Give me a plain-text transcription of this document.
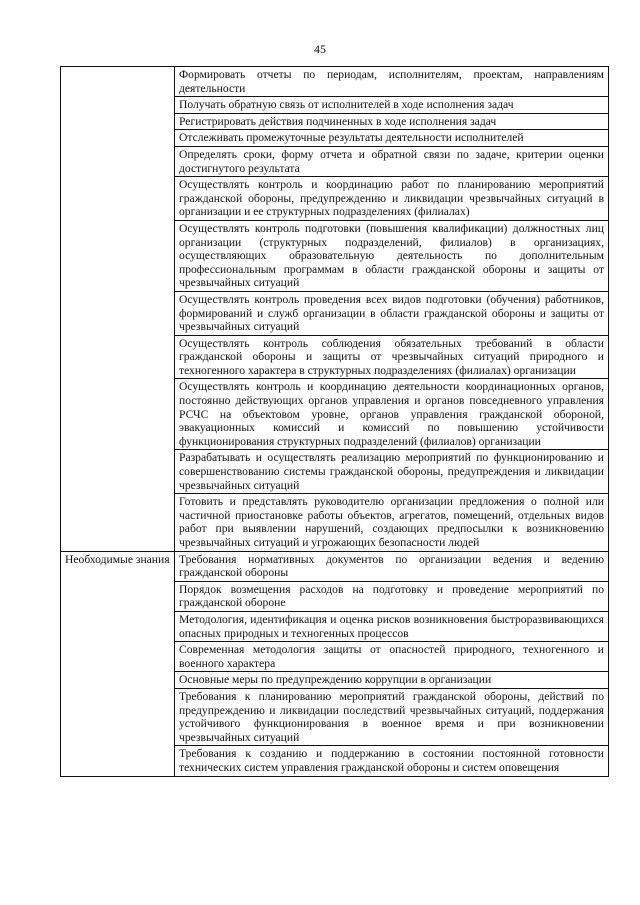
45
	Формировать отчеты по периодам, исполнителям, проектам, направлениям деятельности
	Получать обратную связь от исполнителей в ходе исполнения задач
	Регистрировать действия подчиненных в ходе исполнения задач
	Отслеживать промежуточные результаты деятельности исполнителей
	Определять сроки, форму отчета и обратной связи по задаче, критерии оценки достигнутого результата
	Осуществлять контроль и координацию работ по планированию мероприятий гражданской обороны, предупреждению и ликвидации чрезвычайных ситуаций в организации и ее структурных подразделениях (филиалах)
	Осуществлять контроль подготовки (повышения квалификации) должностных лиц организации (структурных подразделений, филиалов) в организациях, осуществляющих образовательную деятельность по дополнительным профессиональным программам в области гражданской обороны и защиты от чрезвычайных ситуаций
	Осуществлять контроль проведения всех видов подготовки (обучения) работников, формирований и служб организации в области гражданской обороны и защиты от чрезвычайных ситуаций
	Осуществлять контроль соблюдения обязательных требований в области гражданской обороны и защиты от чрезвычайных ситуаций природного и техногенного характера в структурных подразделениях (филиалах) организации
	Осуществлять контроль и координацию деятельности координационных органов, постоянно действующих органов управления и органов повседневного управления РСЧС на объектовом уровне, органов управления гражданской обороной, эвакуационных комиссий и комиссий по повышению устойчивости функционирования структурных подразделений (филиалов) организации
	Разрабатывать и осуществлять реализацию мероприятий по функционированию и совершенствованию системы гражданской обороны, предупреждения и ликвидации чрезвычайных ситуаций
	Готовить и представлять руководителю организации предложения о полной или частичной приостановке работы объектов, агрегатов, помещений, отдельных видов работ при выявлении нарушений, создающих предпосылки к возникновению чрезвычайных ситуаций и угрожающих безопасности людей
Необходимые знания	Требования нормативных документов по организации ведения и ведению гражданской обороны
	Порядок возмещения расходов на подготовку и проведение мероприятий по гражданской обороне
	Методология, идентификация и оценка рисков возникновения быстроразвивающихся опасных природных и техногенных процессов
	Современная методология защиты от опасностей природного, техногенного и военного характера
	Основные меры по предупреждению коррупции в организации
	Требования к планированию мероприятий гражданской обороны, действий по предупреждению и ликвидации последствий чрезвычайных ситуаций, поддержания устойчивого функционирования в военное время и при возникновении чрезвычайных ситуаций
	Требования к созданию и поддержанию в состоянии постоянной готовности технических систем управления гражданской обороны и систем оповещения
